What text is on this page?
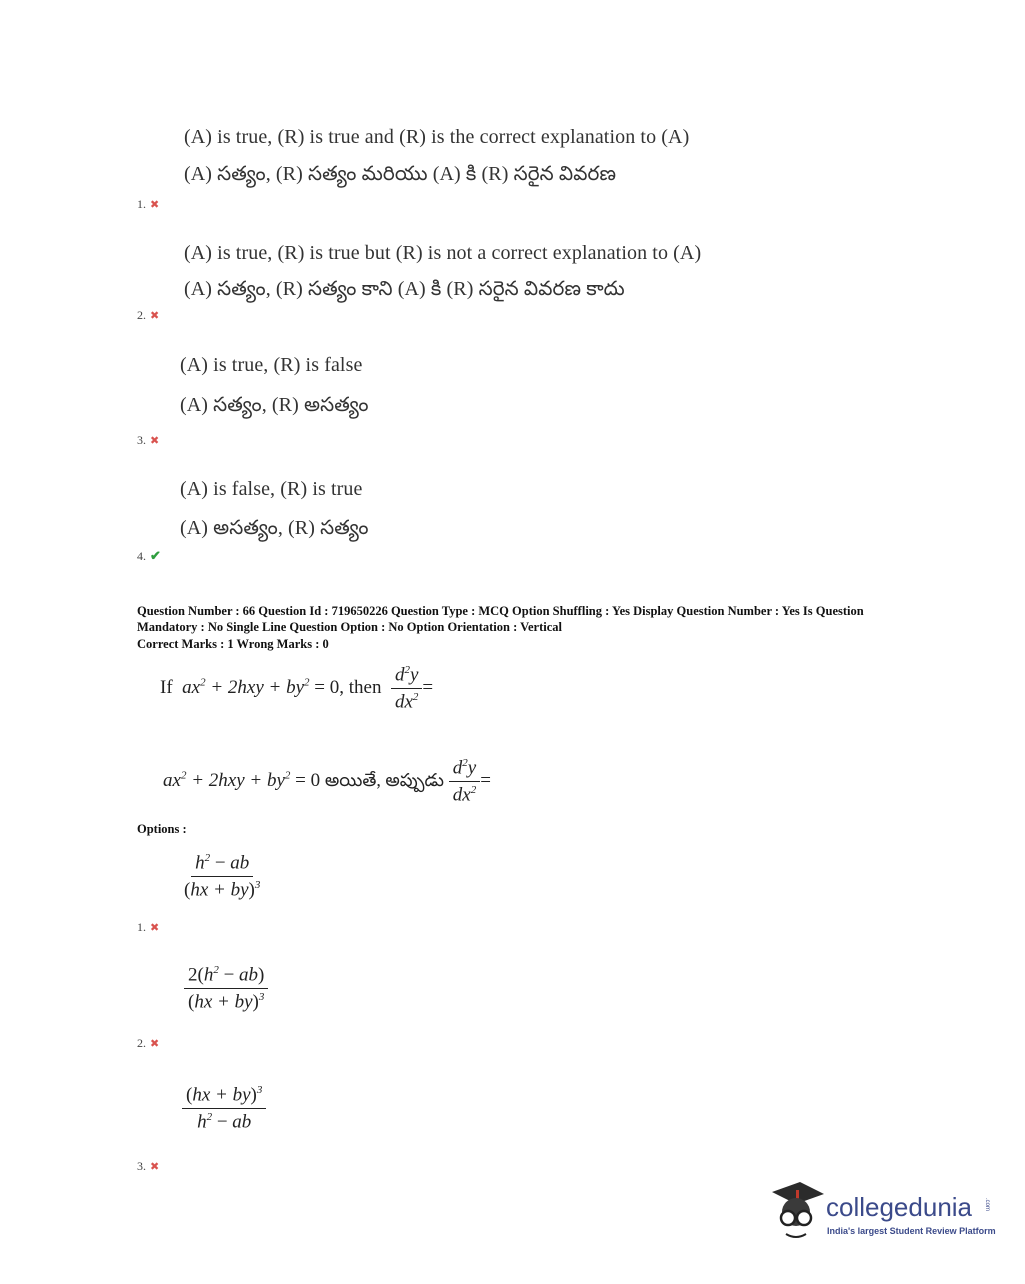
(A) is true, (R) is true and (R) is the correct explanation to (A)
(A) సత్యం, (R) సత్యం మరియు (A) కి (R) సరైన వివరణ
1. ✖
(A) is true, (R) is true but (R) is not a correct explanation to (A)
(A) సత్యం, (R) సత్యం కాని (A) కి (R) సరైన వివరణ కాదు
2. ✖
(A) is true, (R) is false
(A) సత్యం, (R) అసత్యం
3. ✖
(A) is false, (R) is true
(A) అసత్యం, (R) సత్యం
4. ✔
Question Number : 66 Question Id : 719650226 Question Type : MCQ Option Shuffling : Yes Display Question Number : Yes Is Question
Mandatory : No Single Line Question Option : No Option Orientation : Vertical
Correct Marks : 1 Wrong Marks : 0
If $ax^2 + 2hxy + by^2 = 0$, then $\frac{d^2y}{dx^2}$ =
$ax^2 + 2hxy + by^2 = 0$ అయితే, అప్పుడు $\frac{d^2y}{dx^2}$ =
Options :
$\frac{h^2 - ab}{(hx + by)^3}$
1. ✖
$\frac{2(h^2 - ab)}{(hx + by)^3}$
2. ✖
$\frac{(hx + by)^3}{h^2 - ab}$
3. ✖
collegedunia .com
India's largest Student Review Platform
